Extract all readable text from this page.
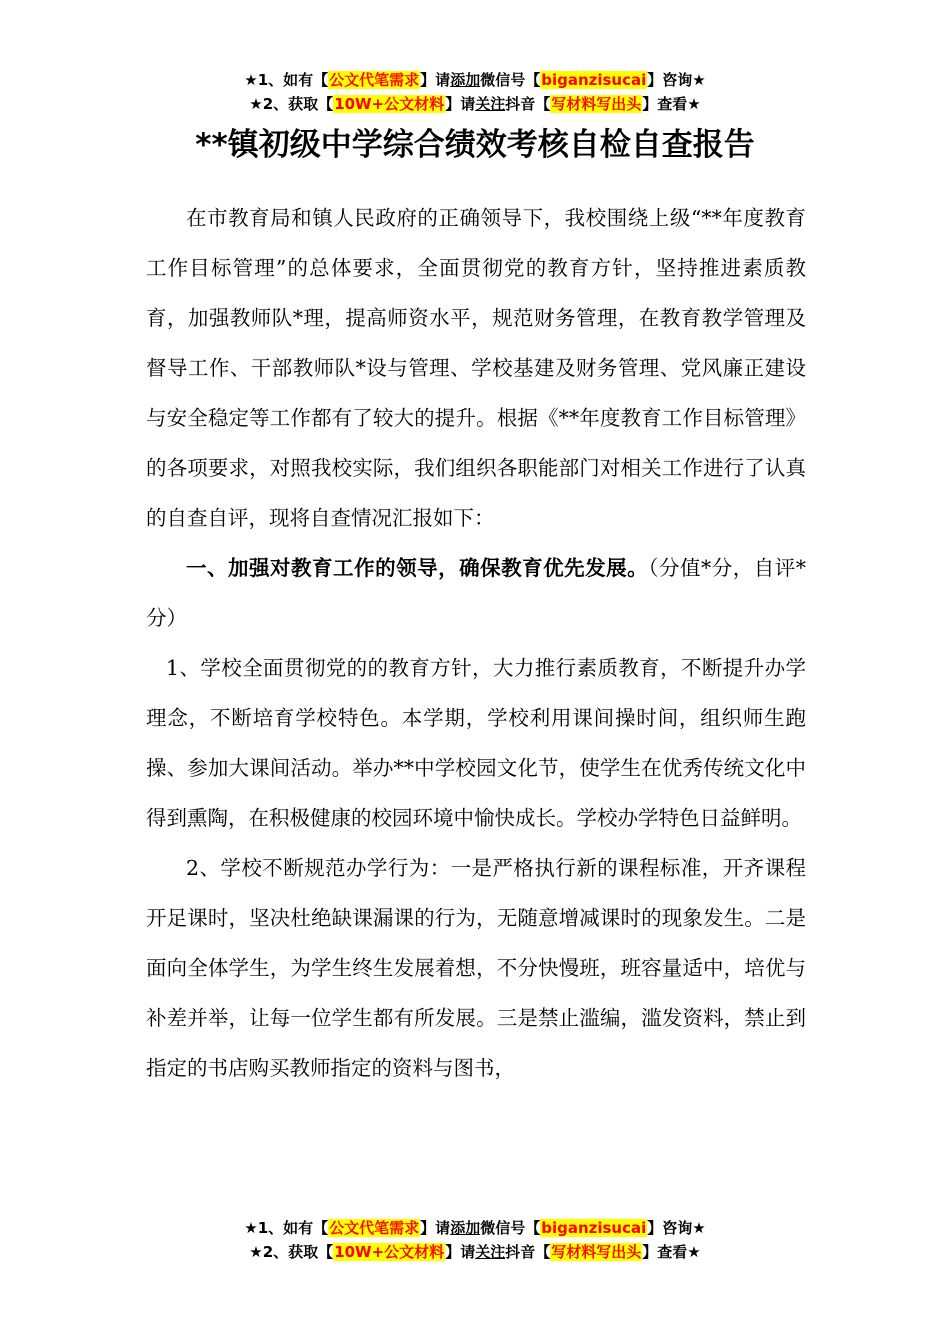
★1、如有【公文代笔需求】请添加微信号【biganzisucai】咨询★
★2、获取【10W+公文材料】请关注抖音【写材料写出头】查看★
**镇初级中学综合绩效考核自检自查报告

在市教育局和镇人民政府的正确领导下，我校围绕上级“**年度教育工作目标管理”的总体要求，全面贯彻党的教育方针，坚持推进素质教育，加强教师队*理，提高师资水平，规范财务管理，在教育教学管理及督导工作、干部教师队*设与管理、学校基建及财务管理、党风廉正建设与安全稳定等工作都有了较大的提升。根据《**年度教育工作目标管理》的各项要求，对照我校实际，我们组织各职能部门对相关工作进行了认真的自查自评，现将自查情况汇报如下：

一、加强对教育工作的领导，确保教育优先发展。（分值*分，自评*分）

1、学校全面贯彻党的的教育方针，大力推行素质教育，不断提升办学理念，不断培育学校特色。本学期，学校利用课间操时间，组织师生跑操、参加大课间活动。举办**中学校园文化节，使学生在优秀传统文化中得到熏陶，在积极健康的校园环境中愉快成长。学校办学特色日益鲜明。

2、学校不断规范办学行为：一是严格执行新的课程标准，开齐课程开足课时，坚决杜绝缺课漏课的行为，无随意增减课时的现象发生。二是面向全体学生，为学生终生发展着想，不分快慢班，班容量适中，培优与补差并举，让每一位学生都有所发展。三是禁止滥编，滥发资料，禁止到指定的书店购买教师指定的资料与图书，

★1、如有【公文代笔需求】请添加微信号【biganzisucai】咨询★
★2、获取【10W+公文材料】请关注抖音【写材料写出头】查看★
